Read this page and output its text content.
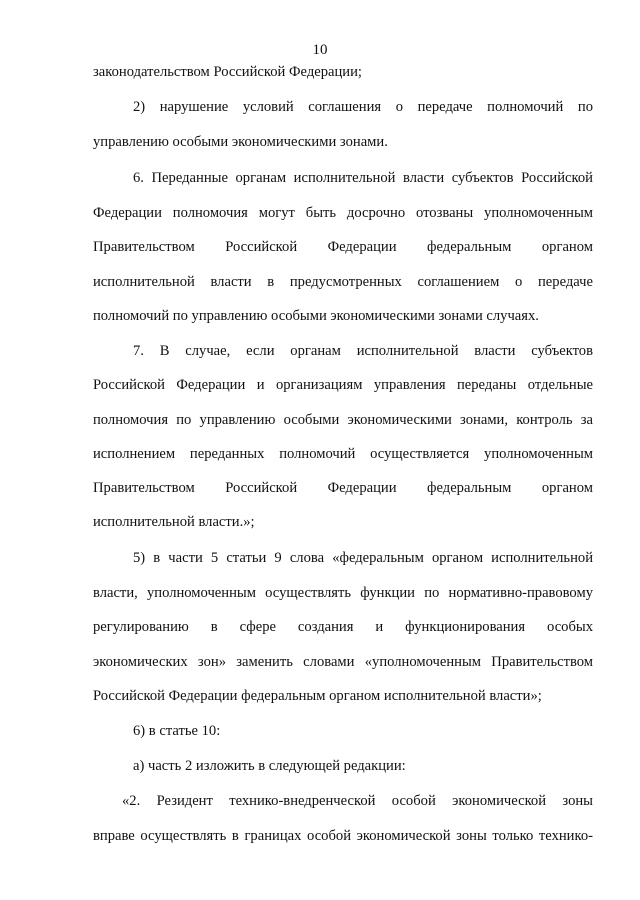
10
законодательством Российской Федерации;
2) нарушение условий соглашения о передаче полномочий по
управлению особыми экономическими зонами.
6. Переданные органам исполнительной власти субъектов Российской
Федерации полномочия могут быть досрочно отозваны уполномоченным
Правительством Российской Федерации федеральным органом
исполнительной власти в предусмотренных соглашением о передаче
полномочий по управлению особыми экономическими зонами случаях.
7. В случае, если органам исполнительной власти субъектов
Российской Федерации и организациям управления переданы отдельные
полномочия по управлению особыми экономическими зонами, контроль за
исполнением переданных полномочий осуществляется уполномоченным
Правительством Российской Федерации федеральным органом
исполнительной власти.»;
5) в части 5 статьи 9 слова «федеральным органом исполнительной
власти, уполномоченным осуществлять функции по нормативно-правовому
регулированию в сфере создания и функционирования особых
экономических зон» заменить словами «уполномоченным Правительством
Российской Федерации федеральным органом исполнительной власти»;
6) в статье 10:
а) часть 2 изложить в следующей редакции:
«2. Резидент технико-внедренческой особой экономической зоны
вправе осуществлять в границах особой экономической зоны только технико-
